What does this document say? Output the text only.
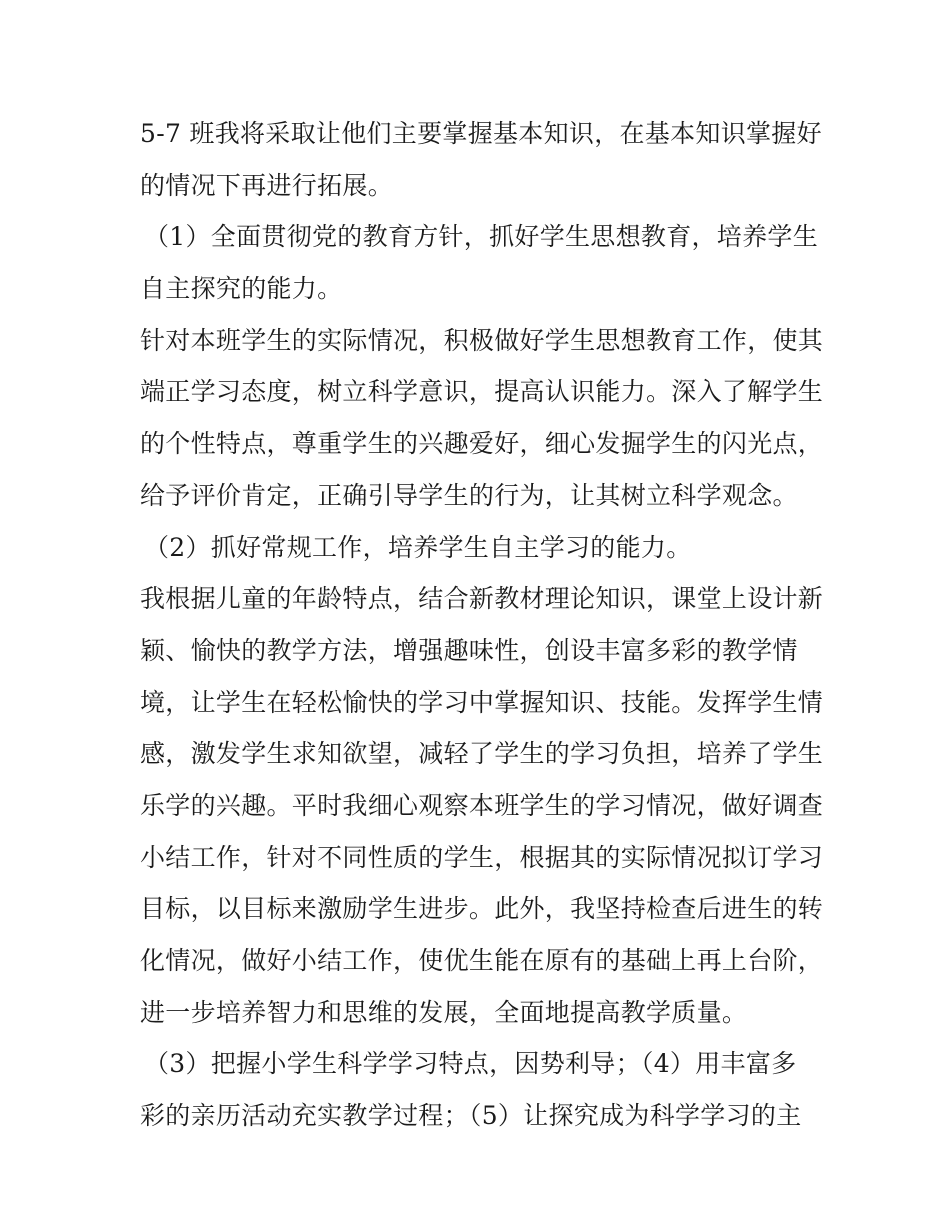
5-7 班我将采取让他们主要掌握基本知识，在基本知识掌握好
的情况下再进行拓展。
（1）全面贯彻党的教育方针，抓好学生思想教育，培养学生
自主探究的能力。
针对本班学生的实际情况，积极做好学生思想教育工作，使其
端正学习态度，树立科学意识，提高认识能力。深入了解学生
的个性特点，尊重学生的兴趣爱好，细心发掘学生的闪光点，
给予评价肯定，正确引导学生的行为，让其树立科学观念。
（2）抓好常规工作，培养学生自主学习的能力。
我根据儿童的年龄特点，结合新教材理论知识，课堂上设计新
颖、愉快的教学方法，增强趣味性，创设丰富多彩的教学情
境，让学生在轻松愉快的学习中掌握知识、技能。发挥学生情
感，激发学生求知欲望，减轻了学生的学习负担，培养了学生
乐学的兴趣。平时我细心观察本班学生的学习情况，做好调查
小结工作，针对不同性质的学生，根据其的实际情况拟订学习
目标，以目标来激励学生进步。此外，我坚持检查后进生的转
化情况，做好小结工作，使优生能在原有的基础上再上台阶，
进一步培养智力和思维的发展，全面地提高教学质量。
（3）把握小学生科学学习特点，因势利导；（4）用丰富多
彩的亲历活动充实教学过程；（5）让探究成为科学学习的主
